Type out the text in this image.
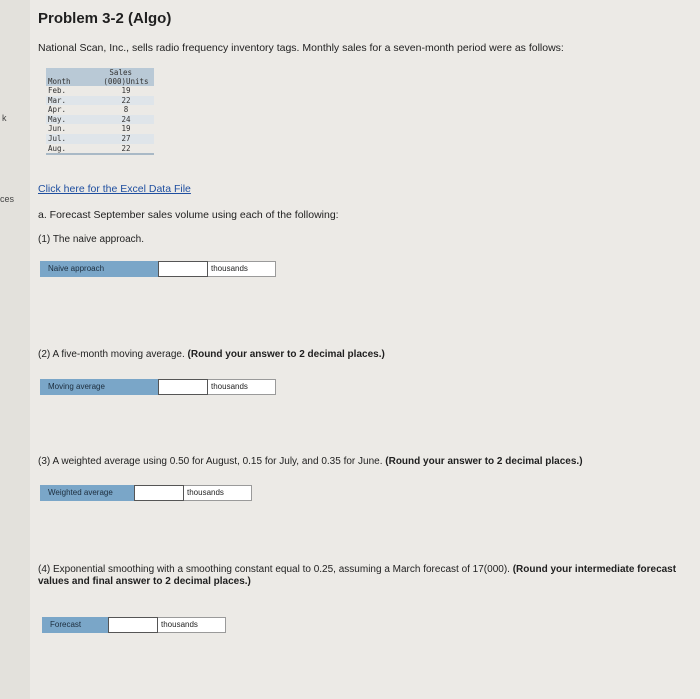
k
ces
Problem 3-2 (Algo)
National Scan, Inc., sells radio frequency inventory tags. Monthly sales for a seven-month period were as follows:
Sales
Month	(000)Units
Feb.	19
Mar.	22
Apr.	8
May.	24
Jun.	19
Jul.	27
Aug.	22
Click here for the Excel Data File
a. Forecast September sales volume using each of the following:
(1) The naive approach.
Naive approach	thousands
(2) A five-month moving average. (Round your answer to 2 decimal places.)
Moving average	thousands
(3) A weighted average using 0.50 for August, 0.15 for July, and 0.35 for June. (Round your answer to 2 decimal places.)
Weighted average	thousands
(4) Exponential smoothing with a smoothing constant equal to 0.25, assuming a March forecast of 17(000). (Round your intermediate forecast values and final answer to 2 decimal places.)
Forecast	thousands
